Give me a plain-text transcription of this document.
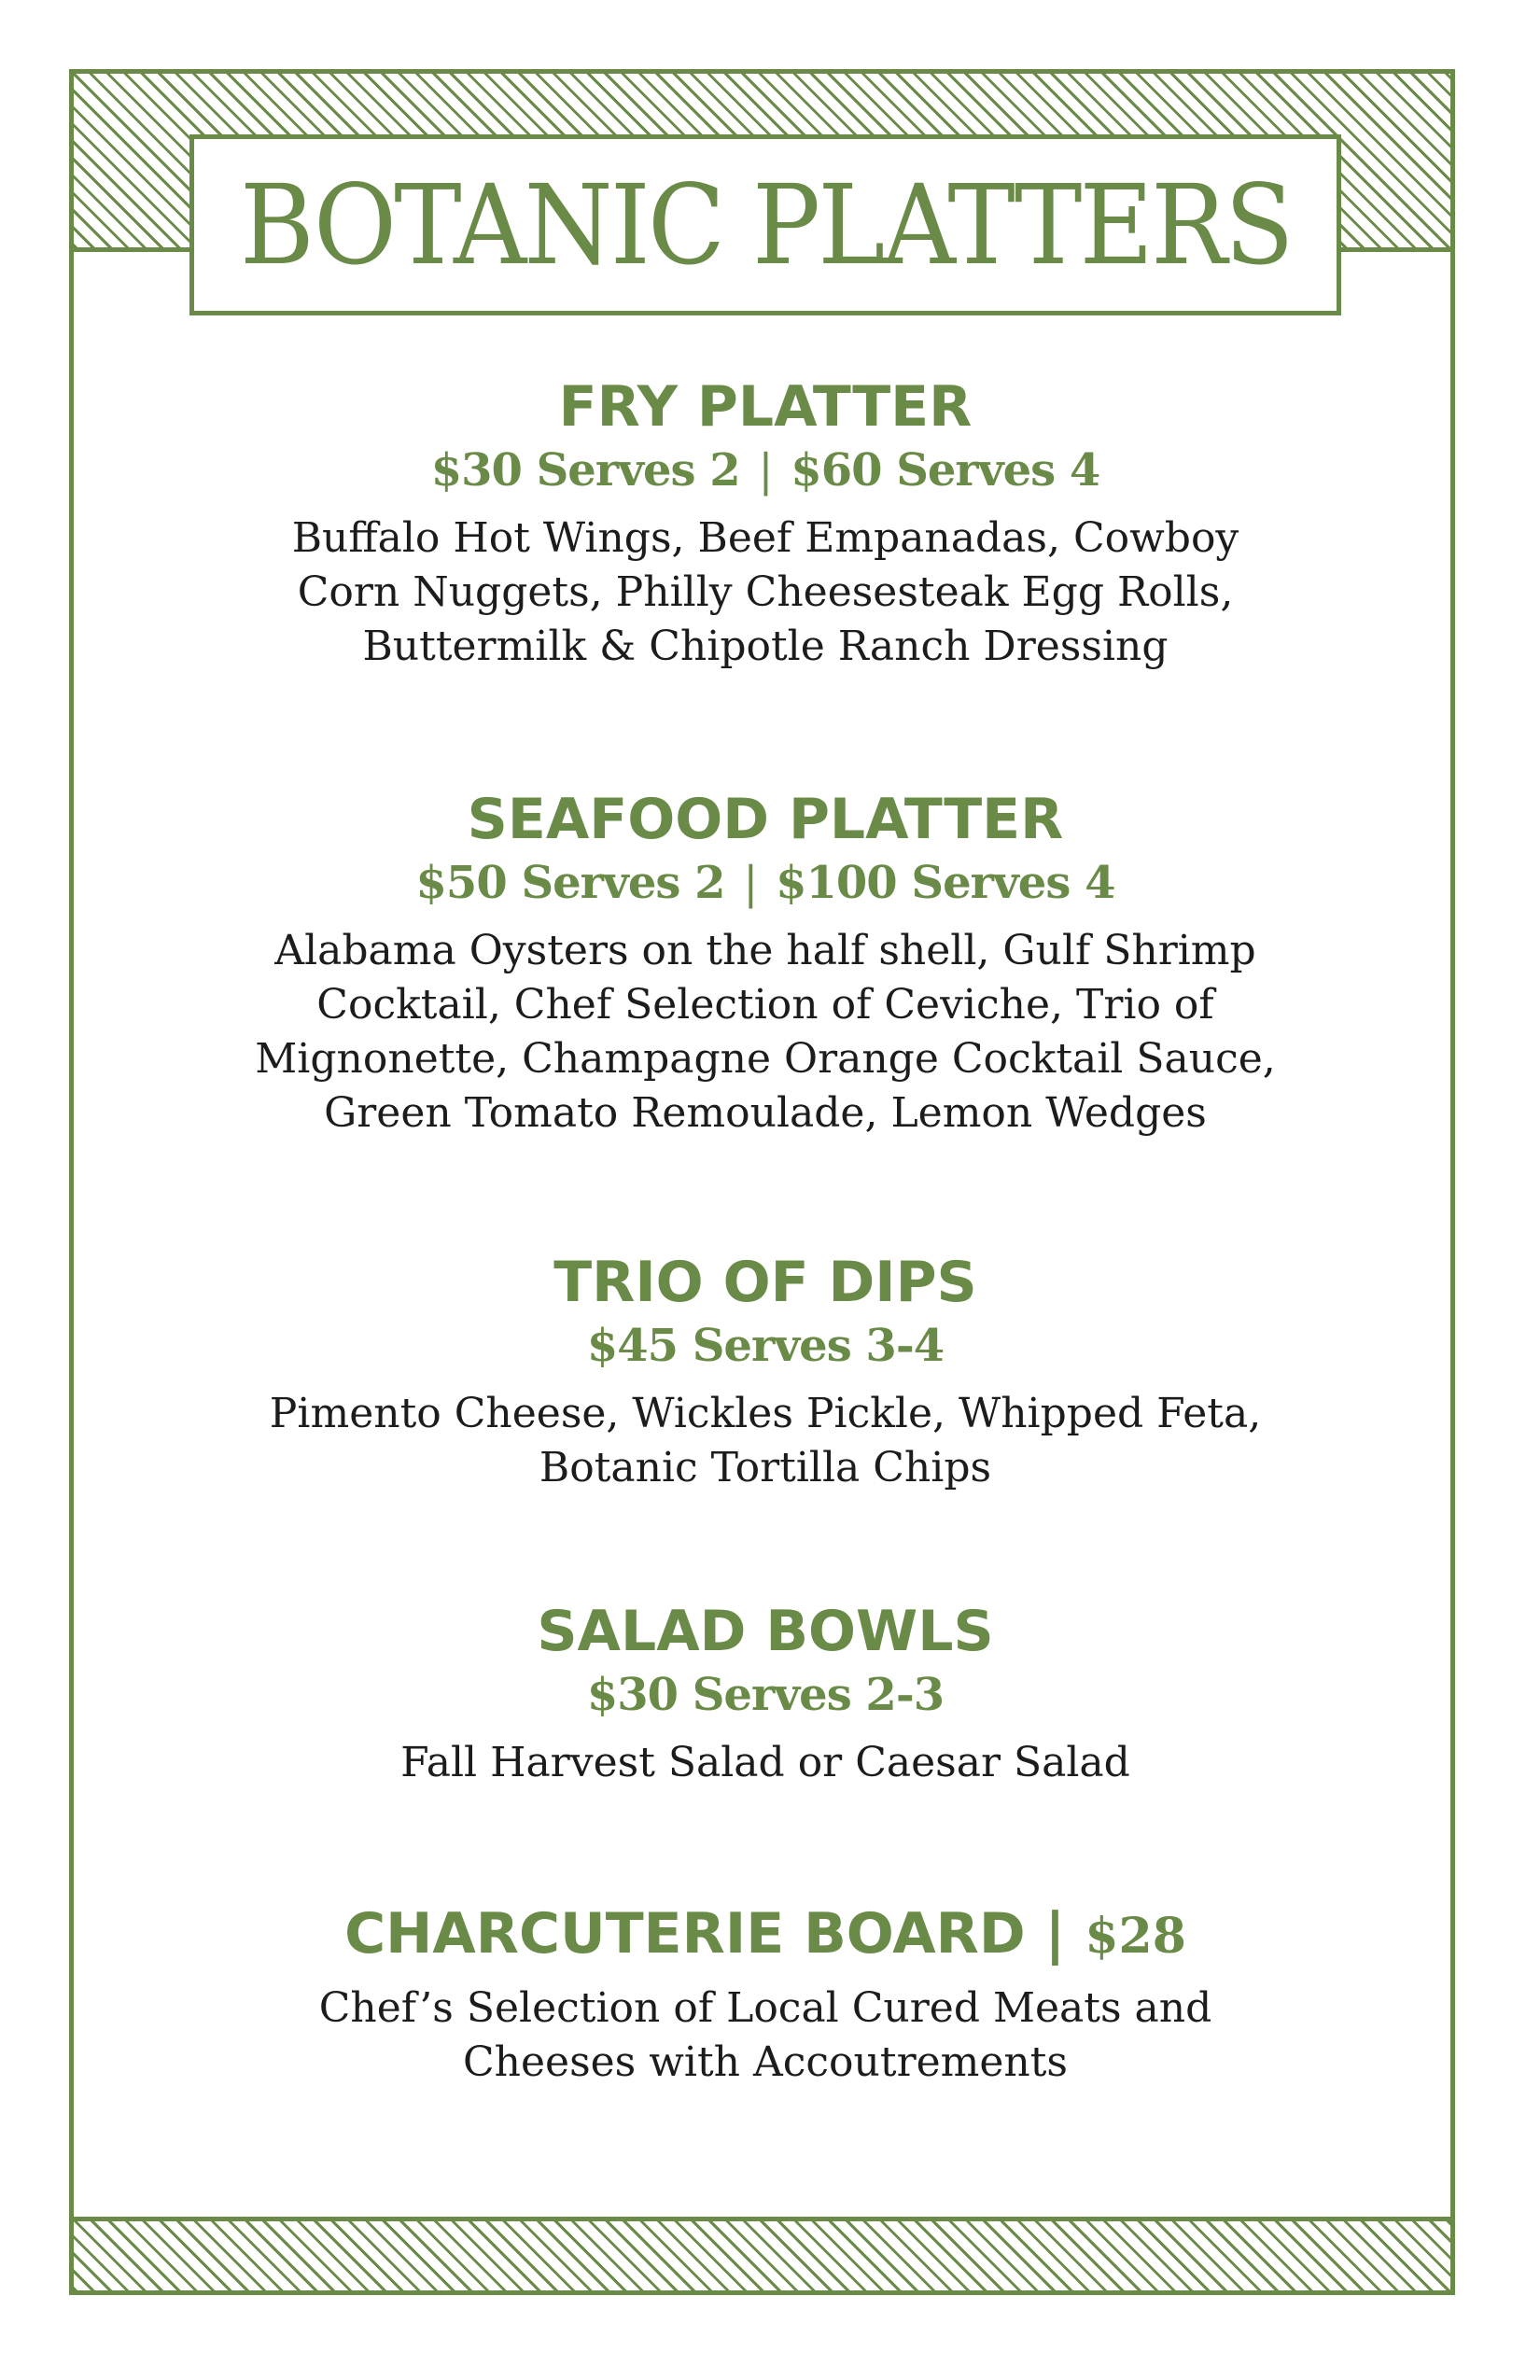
BOTANIC PLATTERS
FRY PLATTER
$30 Serves 2 | $60 Serves 4
Buffalo Hot Wings, Beef Empanadas, Cowboy
Corn Nuggets, Philly Cheesesteak Egg Rolls,
Buttermilk & Chipotle Ranch Dressing
SEAFOOD PLATTER
$50 Serves 2 | $100 Serves 4
Alabama Oysters on the half shell, Gulf Shrimp
Cocktail, Chef Selection of Ceviche, Trio of
Mignonette, Champagne Orange Cocktail Sauce,
Green Tomato Remoulade, Lemon Wedges
TRIO OF DIPS
$45 Serves 3-4
Pimento Cheese, Wickles Pickle, Whipped Feta,
Botanic Tortilla Chips
SALAD BOWLS
$30 Serves 2-3
Fall Harvest Salad or Caesar Salad
CHARCUTERIE BOARD | $28
Chef’s Selection of Local Cured Meats and
Cheeses with Accoutrements
